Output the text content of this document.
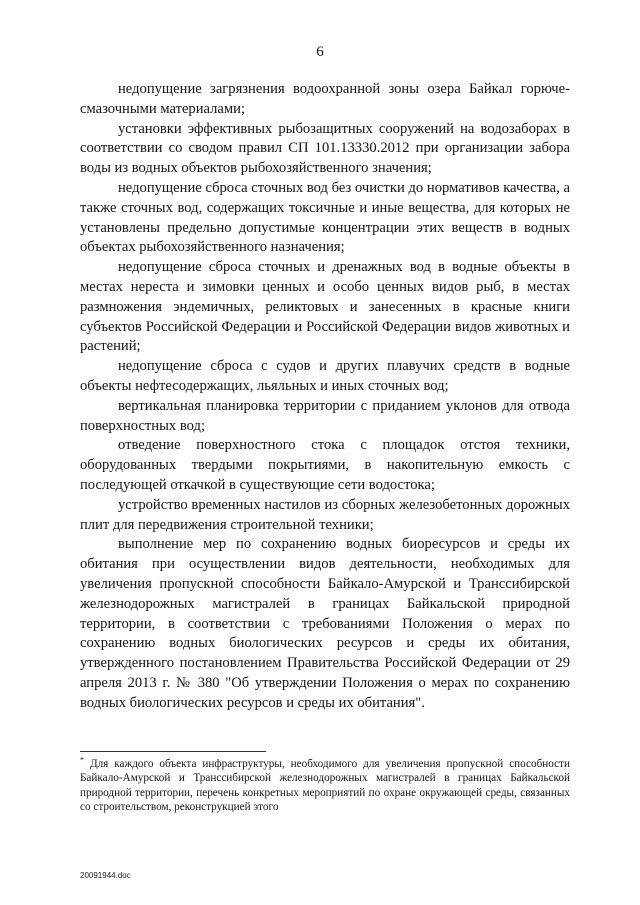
6

недопущение загрязнения водоохранной зоны озера Байкал горюче-смазочными материалами;

установки эффективных рыбозащитных сооружений на водозаборах в соответствии со сводом правил СП 101.13330.2012 при организации забора воды из водных объектов рыбохозяйственного значения;

недопущение сброса сточных вод без очистки до нормативов качества, а также сточных вод, содержащих токсичные и иные вещества, для которых не установлены предельно допустимые концентрации этих веществ в водных объектах рыбохозяйственного назначения;

недопущение сброса сточных и дренажных вод в водные объекты в местах нереста и зимовки ценных и особо ценных видов рыб, в местах размножения эндемичных, реликтовых и занесенных в красные книги субъектов Российской Федерации и Российской Федерации видов животных и растений;

недопущение сброса с судов и других плавучих средств в водные объекты нефтесодержащих, льяльных и иных сточных вод;

вертикальная планировка территории с приданием уклонов для отвода поверхностных вод;

отведение поверхностного стока с площадок отстоя техники, оборудованных твердыми покрытиями, в накопительную емкость с последующей откачкой в существующие сети водостока;

устройство временных настилов из сборных железобетонных дорожных плит для передвижения строительной техники;

выполнение мер по сохранению водных биоресурсов и среды их обитания при осуществлении видов деятельности, необходимых для увеличения пропускной способности Байкало-Амурской и Транссибирской железнодорожных магистралей в границах Байкальской природной территории, в соответствии с требованиями Положения о мерах по сохранению водных биологических ресурсов и среды их обитания, утвержденного постановлением Правительства Российской Федерации от 29 апреля 2013 г. № 380 "Об утверждении Положения о мерах по сохранению водных биологических ресурсов и среды их обитания".

* Для каждого объекта инфраструктуры, необходимого для увеличения пропускной способности Байкало-Амурской и Транссибирской железнодорожных магистралей в границах Байкальской природной территории, перечень конкретных мероприятий по охране окружающей среды, связанных со строительством, реконструкцией этого

20091944.doc
